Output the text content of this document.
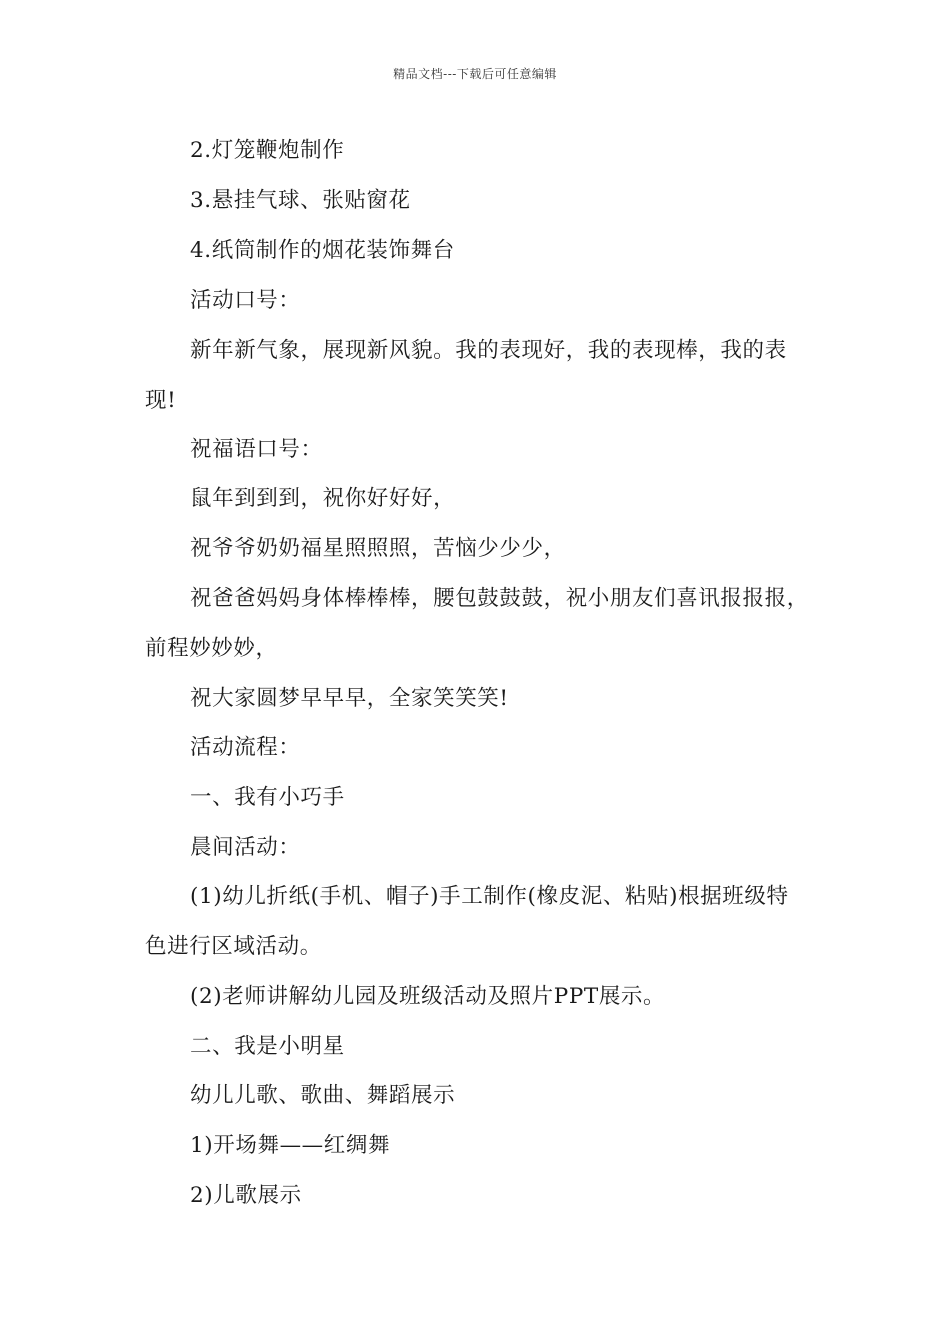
精品文档---下载后可任意编辑
2.灯笼鞭炮制作
3.悬挂气球、张贴窗花
4.纸筒制作的烟花装饰舞台
活动口号：
新年新气象，展现新风貌。我的表现好，我的表现棒，我的表
现!
祝福语口号：
鼠年到到到，祝你好好好，
祝爷爷奶奶福星照照照，苦恼少少少，
祝爸爸妈妈身体棒棒棒，腰包鼓鼓鼓，祝小朋友们喜讯报报报，
前程妙妙妙，
祝大家圆梦早早早，全家笑笑笑!
活动流程：
一、我有小巧手
晨间活动：
(1)幼儿折纸(手机、帽子)手工制作(橡皮泥、粘贴)根据班级特
色进行区域活动。
(2)老师讲解幼儿园及班级活动及照片PPT展示。
二、我是小明星
幼儿儿歌、歌曲、舞蹈展示
1)开场舞——红绸舞
2)儿歌展示
